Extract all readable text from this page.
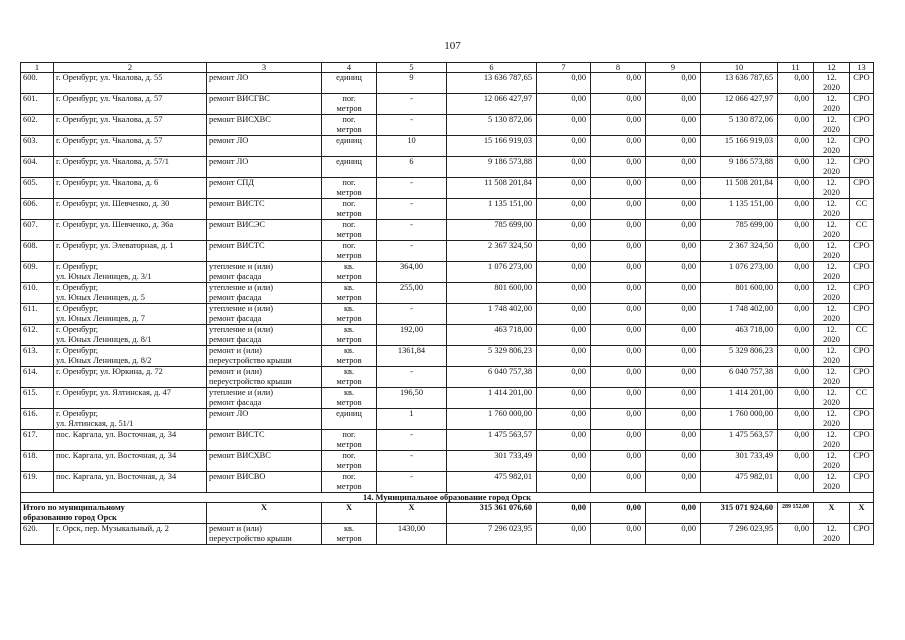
107
1	2	3	4	5	6	7	8	9	10	11	12	13
600.	г. Оренбург, ул. Чкалова, д. 55	ремонт ЛО	единиц	9	13 636 787,65	0,00	0,00	0,00	13 636 787,65	0,00	12.
2020	СРО
601.	г. Оренбург, ул. Чкалова, д. 57	ремонт ВИСГВС	пог.
метров	-	12 066 427,97	0,00	0,00	0,00	12 066 427,97	0,00	12.
2020	СРО
602.	г. Оренбург, ул. Чкалова, д. 57	ремонт ВИСХВС	пог.
метров	-	5 130 872,06	0,00	0,00	0,00	5 130 872,06	0,00	12.
2020	СРО
603.	г. Оренбург, ул. Чкалова, д. 57	ремонт ЛО	единиц	10	15 166 919,03	0,00	0,00	0,00	15 166 919,03	0,00	12.
2020	СРО
604.	г. Оренбург, ул. Чкалова, д. 57/1	ремонт ЛО	единиц	6	9 186 573,88	0,00	0,00	0,00	9 186 573,88	0,00	12.
2020	СРО
605.	г. Оренбург, ул. Чкалова, д. 6	ремонт СПД	пог.
метров	-	11 508 201,84	0,00	0,00	0,00	11 508 201,84	0,00	12.
2020	СРО
606.	г. Оренбург, ул. Шевченко, д. 30	ремонт ВИСТС	пог.
метров	-	1 135 151,00	0,00	0,00	0,00	1 135 151,00	0,00	12.
2020	СС
607.	г. Оренбург, ул. Шевченко, д. 36а	ремонт ВИСЭС	пог.
метров	-	785 699,00	0,00	0,00	0,00	785 699,00	0,00	12.
2020	СС
608.	г. Оренбург, ул. Элеваторная, д. 1	ремонт ВИСТС	пог.
метров	-	2 367 324,50	0,00	0,00	0,00	2 367 324,50	0,00	12.
2020	СРО
609.	г. Оренбург,
ул. Юных Ленинцев, д. 3/1	утепление и (или)
ремонт фасада	кв.
метров	364,00	1 076 273,00	0,00	0,00	0,00	1 076 273,00	0,00	12.
2020	СРО
610.	г. Оренбург,
ул. Юных Ленинцев, д. 5	утепление и (или)
ремонт фасада	кв.
метров	255,00	801 600,00	0,00	0,00	0,00	801 600,00	0,00	12.
2020	СРО
611.	г. Оренбург,
ул. Юных Ленинцев, д. 7	утепление и (или)
ремонт фасада	кв.
метров	-	1 748 402,00	0,00	0,00	0,00	1 748 402,00	0,00	12.
2020	СРО
612.	г. Оренбург,
ул. Юных Ленинцев, д. 8/1	утепление и (или)
ремонт фасада	кв.
метров	192,00	463 718,00	0,00	0,00	0,00	463 718,00	0,00	12.
2020	СС
613.	г. Оренбург,
ул. Юных Ленинцев, д. 8/2	ремонт и (или)
переустройство крыши	кв.
метров	1361,84	5 329 806,23	0,00	0,00	0,00	5 329 806,23	0,00	12.
2020	СРО
614.	г. Оренбург, ул. Юркина, д. 72	ремонт и (или)
переустройство крыши	кв.
метров	-	6 040 757,38	0,00	0,00	0,00	6 040 757,38	0,00	12.
2020	СРО
615.	г. Оренбург, ул. Ялтинская, д. 47	утепление и (или)
ремонт фасада	кв.
метров	196,50	1 414 201,00	0,00	0,00	0,00	1 414 201,00	0,00	12.
2020	СС
616.	г. Оренбург,
ул. Ялтинская, д. 51/1	ремонт ЛО	единиц	1	1 760 000,00	0,00	0,00	0,00	1 760 000,00	0,00	12.
2020	СРО
617.	пос. Каргала, ул. Восточная, д. 34	ремонт ВИСТС	пог.
метров	-	1 475 563,57	0,00	0,00	0,00	1 475 563,57	0,00	12.
2020	СРО
618.	пос. Каргала, ул. Восточная, д. 34	ремонт ВИСХВС	пог.
метров	-	301 733,49	0,00	0,00	0,00	301 733,49	0,00	12.
2020	СРО
619.	пос. Каргала, ул. Восточная, д. 34	ремонт ВИСВО	пог.
метров	-	475 982,01	0,00	0,00	0,00	475 982,01	0,00	12.
2020	СРО
14. Муниципальное образование город Орск												
Итого по муниципальному
образованию город Орск		Х	Х	Х	315 361 076,60	0,00	0,00	0,00	315 071 924,60	289 152,00	Х	Х
620.	г. Орск, пер. Музыкальный, д. 2	ремонт и (или)
переустройство крыши	кв.
метров	1430,00	7 296 023,95	0,00	0,00	0,00	7 296 023,95	0,00	12.
2020	СРО
